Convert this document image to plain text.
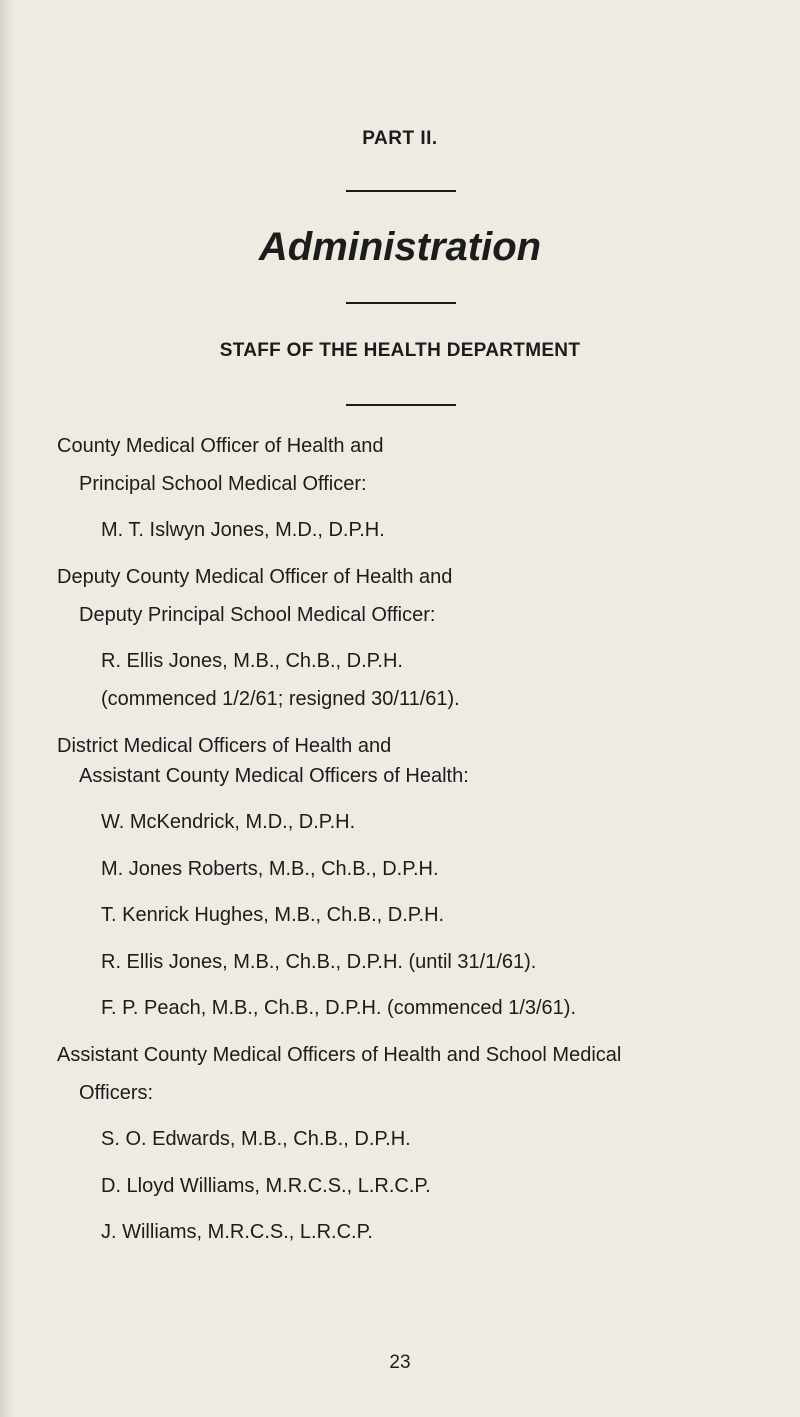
PART II.
Administration
STAFF OF THE HEALTH DEPARTMENT
County Medical Officer of Health and
Principal School Medical Officer:
M. T. Islwyn Jones, M.D., D.P.H.
Deputy County Medical Officer of Health and
Deputy Principal School Medical Officer:
R. Ellis Jones, M.B., Ch.B., D.P.H.
(commenced 1/2/61; resigned 30/11/61).
District Medical Officers of Health and
Assistant County Medical Officers of Health:
W. McKendrick, M.D., D.P.H.
M. Jones Roberts, M.B., Ch.B., D.P.H.
T. Kenrick Hughes, M.B., Ch.B., D.P.H.
R. Ellis Jones, M.B., Ch.B., D.P.H. (until 31/1/61).
F. P. Peach, M.B., Ch.B., D.P.H. (commenced 1/3/61).
Assistant County Medical Officers of Health and School Medical
Officers:
S. O. Edwards, M.B., Ch.B., D.P.H.
D. Lloyd Williams, M.R.C.S., L.R.C.P.
J. Williams, M.R.C.S., L.R.C.P.
23
